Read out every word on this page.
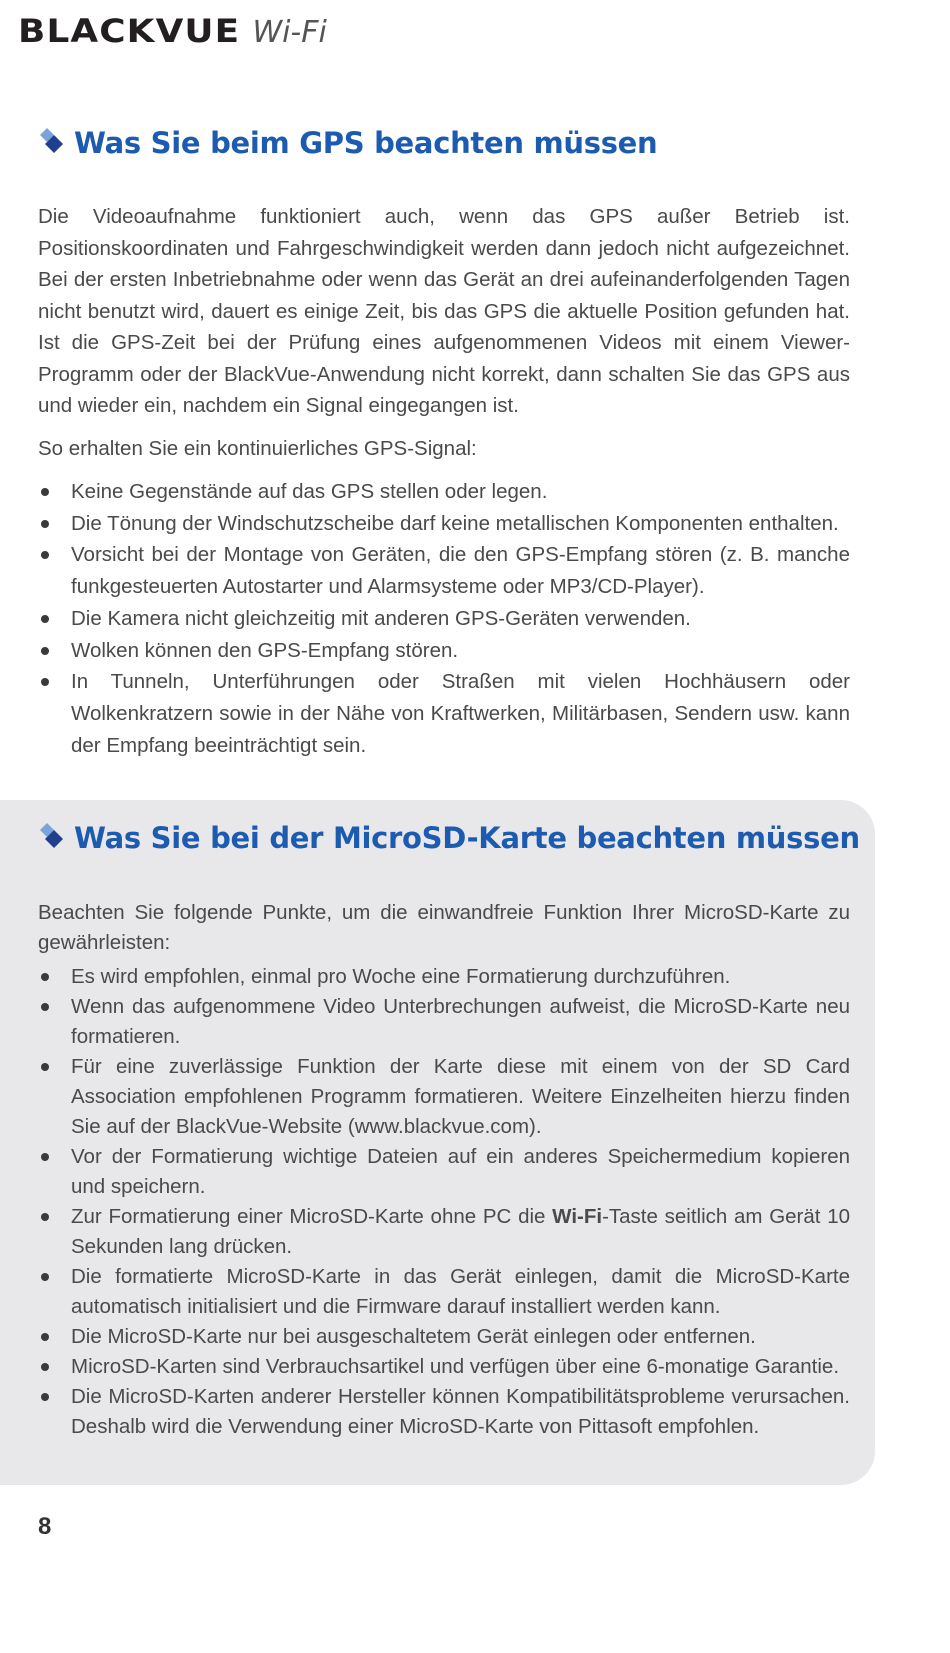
BLACKVUE Wi-Fi
Was Sie beim GPS beachten müssen

Die Videoaufnahme funktioniert auch, wenn das GPS außer Betrieb ist. Positionskoordinaten und Fahrgeschwindigkeit werden dann jedoch nicht aufgezeichnet. Bei der ersten Inbetriebnahme oder wenn das Gerät an drei aufeinanderfolgenden Tagen nicht benutzt wird, dauert es einige Zeit, bis das GPS die aktuelle Position gefunden hat. Ist die GPS-Zeit bei der Prüfung eines aufgenommenen Videos mit einem Viewer-Programm oder der BlackVue-Anwendung nicht korrekt, dann schalten Sie das GPS aus und wieder ein, nachdem ein Signal eingegangen ist.

So erhalten Sie ein kontinuierliches GPS-Signal:

Keine Gegenstände auf das GPS stellen oder legen.
Die Tönung der Windschutzscheibe darf keine metallischen Komponenten enthalten.
Vorsicht bei der Montage von Geräten, die den GPS-Empfang stören (z. B. manche funkgesteuerten Autostarter und Alarmsysteme oder MP3/CD-Player).
Die Kamera nicht gleichzeitig mit anderen GPS-Geräten verwenden.
Wolken können den GPS-Empfang stören.
In Tunneln, Unterführungen oder Straßen mit vielen Hochhäusern oder Wolkenkratzern sowie in der Nähe von Kraftwerken, Militärbasen, Sendern usw. kann der Empfang beeinträchtigt sein.
Was Sie bei der MicroSD-Karte beachten müssen

Beachten Sie folgende Punkte, um die einwandfreie Funktion Ihrer MicroSD-Karte zu gewährleisten:

Es wird empfohlen, einmal pro Woche eine Formatierung durchzuführen.
Wenn das aufgenommene Video Unterbrechungen aufweist, die MicroSD-Karte neu formatieren.
Für eine zuverlässige Funktion der Karte diese mit einem von der SD Card Association empfohlenen Programm formatieren. Weitere Einzelheiten hierzu finden Sie auf der BlackVue-Website (www.blackvue.com).
Vor der Formatierung wichtige Dateien auf ein anderes Speichermedium kopieren und speichern.
Zur Formatierung einer MicroSD-Karte ohne PC die Wi-Fi-Taste seitlich am Gerät 10 Sekunden lang drücken.
Die formatierte MicroSD-Karte in das Gerät einlegen, damit die MicroSD-Karte automatisch initialisiert und die Firmware darauf installiert werden kann.
Die MicroSD-Karte nur bei ausgeschaltetem Gerät einlegen oder entfernen.
MicroSD-Karten sind Verbrauchsartikel und verfügen über eine 6-monatige Garantie.
Die MicroSD-Karten anderer Hersteller können Kompatibilitätsprobleme verursachen. Deshalb wird die Verwendung einer MicroSD-Karte von Pittasoft empfohlen.
8
